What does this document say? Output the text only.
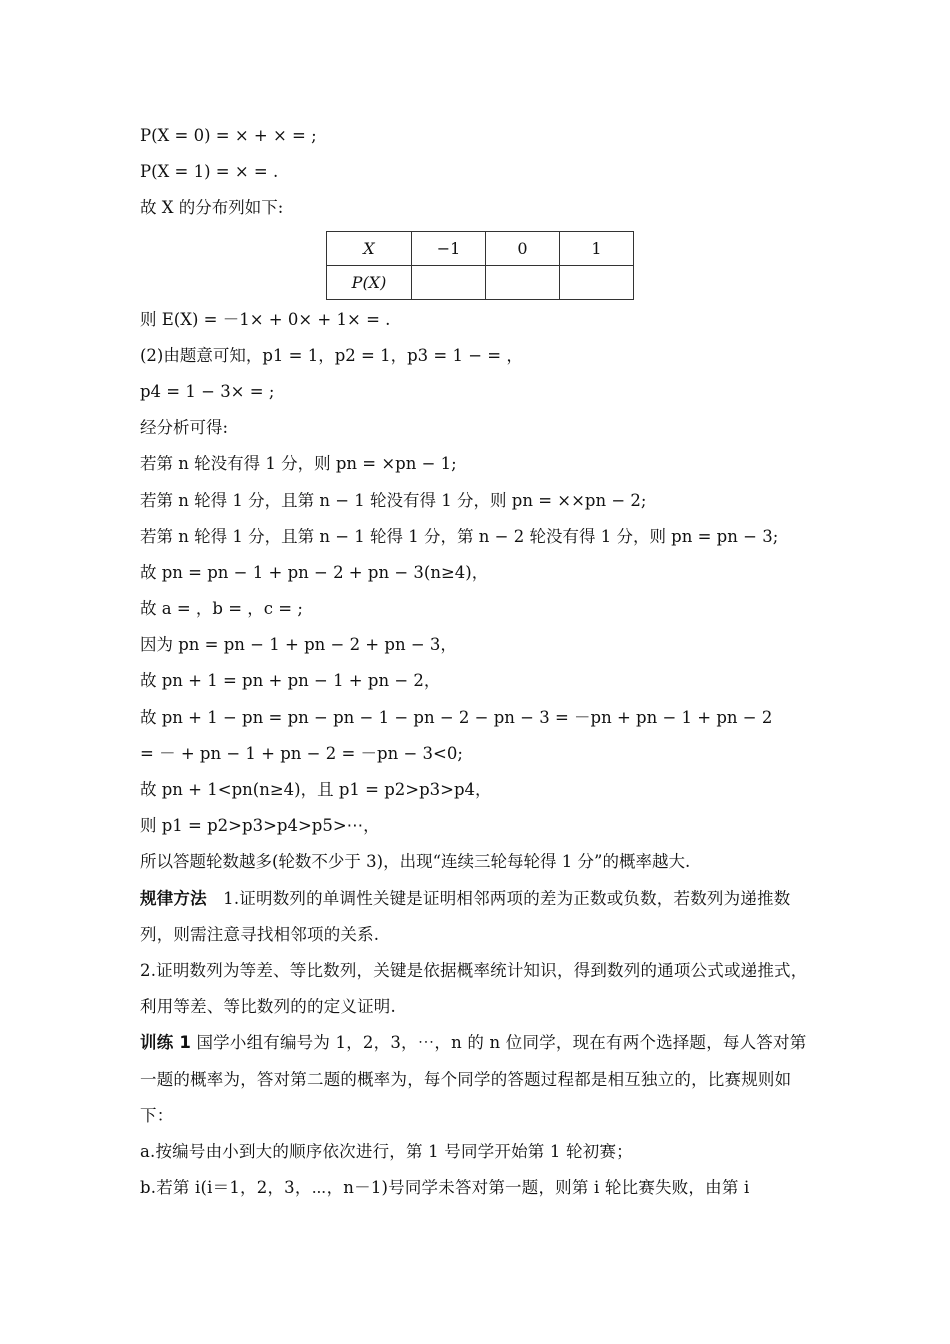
P(X = 0) = × + × = ;
P(X = 1) = × = .
故 X 的分布列如下:
X	−1	0	1
P(X)			
则 E(X) = －1× + 0× + 1× = .
(2)由题意可知，p1 = 1，p2 = 1，p3 = 1 − = ，
p4 = 1 − 3× = ;
经分析可得:
若第 n 轮没有得 1 分，则 pn = ×pn − 1;
若第 n 轮得 1 分，且第 n − 1 轮没有得 1 分，则 pn = ××pn − 2;
若第 n 轮得 1 分，且第 n − 1 轮得 1 分，第 n − 2 轮没有得 1 分，则 pn = pn − 3;
故 pn = pn − 1 + pn − 2 + pn − 3(n≥4)，
故 a = ，b = ，c = ;
因为 pn = pn − 1 + pn − 2 + pn − 3，
故 pn + 1 = pn + pn − 1 + pn − 2，
故 pn + 1 − pn = pn − pn − 1 − pn − 2 − pn − 3 = －pn + pn − 1 + pn − 2
= － + pn − 1 + pn − 2 = －pn − 3<0;
故 pn + 1<pn(n≥4)，且 p1 = p2>p3>p4，
则 p1 = p2>p3>p4>p5>⋯，
所以答题轮数越多(轮数不少于 3)，出现“连续三轮每轮得 1 分”的概率越大.
规律方法 1.证明数列的单调性关键是证明相邻两项的差为正数或负数，若数列为递推数列，则需注意寻找相邻项的关系.
2.证明数列为等差、等比数列，关键是依据概率统计知识，得到数列的通项公式或递推式，利用等差、等比数列的的定义证明.
训练 1 国学小组有编号为 1，2，3，⋯，n 的 n 位同学，现在有两个选择题，每人答对第一题的概率为，答对第二题的概率为，每个同学的答题过程都是相互独立的，比赛规则如下：
a.按编号由小到大的顺序依次进行，第 1 号同学开始第 1 轮初赛；
b.若第 i(i＝1，2，3，⋯，n－1)号同学未答对第一题，则第 i 轮比赛失败，由第 i
